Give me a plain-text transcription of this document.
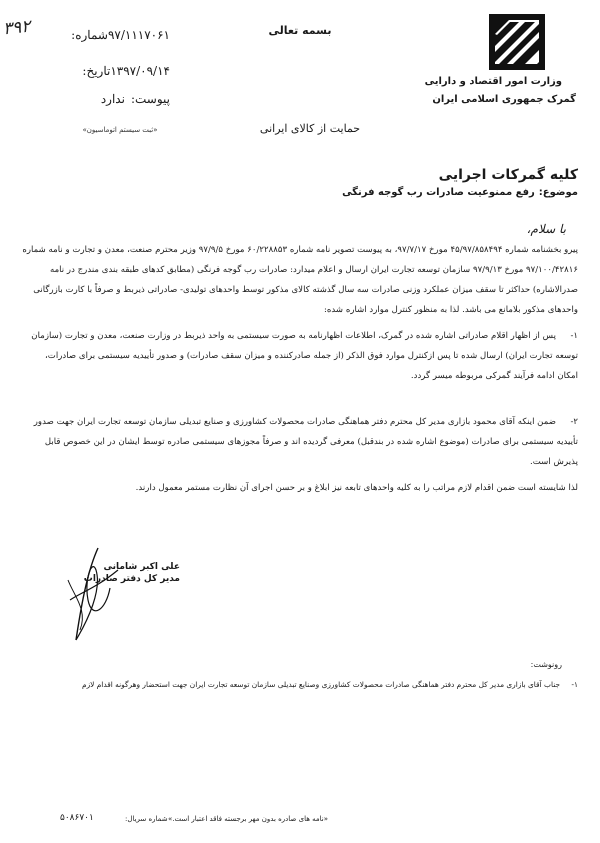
بسمه تعالی
وزارت امور اقتصاد و دارایی
گمرک جمهوری اسلامی ایران
۳۹۲	شماره:۹۷/۱۱۱۷۰۶۱
تاریخ:۱۳۹۷/۰۹/۱۴
پیوست:ندارد
«ثبت سیستم اتوماسیون»	حمایت از کالای ایرانی
کلیه گمرکات اجرایی
موضوع:رفع ممنوعیت صادرات رب گوجه فرنگی
با سلام،
پیرو بخشنامه شماره ۴۵/۹۷/۸۵۸۴۹۴ مورخ ۹۷/۷/۱۷، به پیوست تصویر نامه شماره ۶۰/۲۲۸۸۵۳ مورخ ۹۷/۹/۵ وزیر محترم صنعت، معدن و تجارت و نامه شماره ۹۷/۱۰۰/۴۲۸۱۶ مورخ ۹۷/۹/۱۳ سازمان توسعه تجارت ایران ارسال و اعلام میدارد: صادرات رب گوجه فرنگی (مطابق کدهای طبقه بندی مندرج در نامه صدرالاشاره) حداکثر تا سقف میزان عملکرد وزنی صادرات سه سال گذشته کالای مذکور توسط واحدهای تولیدی- صادراتی ذیربط و صرفاً با کارت بازرگانی واحدهای مذکور بلامانع می باشد. لذا به منظور کنترل موارد اشاره شده:
۱-پس از اظهار اقلام صادراتی اشاره شده در گمرک، اطلاعات اظهارنامه به صورت سیستمی به واحد ذیربط در وزارت صنعت، معدن و تجارت (سازمان توسعه تجارت ایران) ارسال شده تا پس ازکنترل موارد فوق الذکر (از جمله صادرکننده و میزان سقف صادرات) و صدور تأییدیه سیستمی برای صادرات، امکان ادامه فرآیند گمرکی مربوطه میسر گردد.
۲-ضمن اینکه آقای محمود بازاری مدیر کل محترم دفتر هماهنگی صادرات محصولات کشاورزی و صنایع تبدیلی سازمان توسعه تجارت ایران جهت صدور تأییدیه سیستمی برای صادرات (موضوع اشاره شده در بندقبل) معرفی گردیده اند و صرفاً مجوزهای سیستمی صادره توسط ایشان در این خصوص قابل پذیرش است.
لذا شایسته است ضمن اقدام لازم مراتب را به کلیه واحدهای تابعه نیز ابلاغ و بر حسن اجرای آن نظارت مستمر معمول دارند.
علی اکبر شامانی
مدیر کل دفتر صادرات
رونوشت:
۱-جناب آقای بازاری مدیر کل محترم دفتر هماهنگی صادرات محصولات کشاورزی وصنایع تبدیلی سازمان توسعه تجارت ایران جهت استحضار وهرگونه اقدام لازم
«نامه های صادره بدون مهر برجسته فاقد اعتبار است.»
شماره سریال:
۵۰۸۶۷۰۱
